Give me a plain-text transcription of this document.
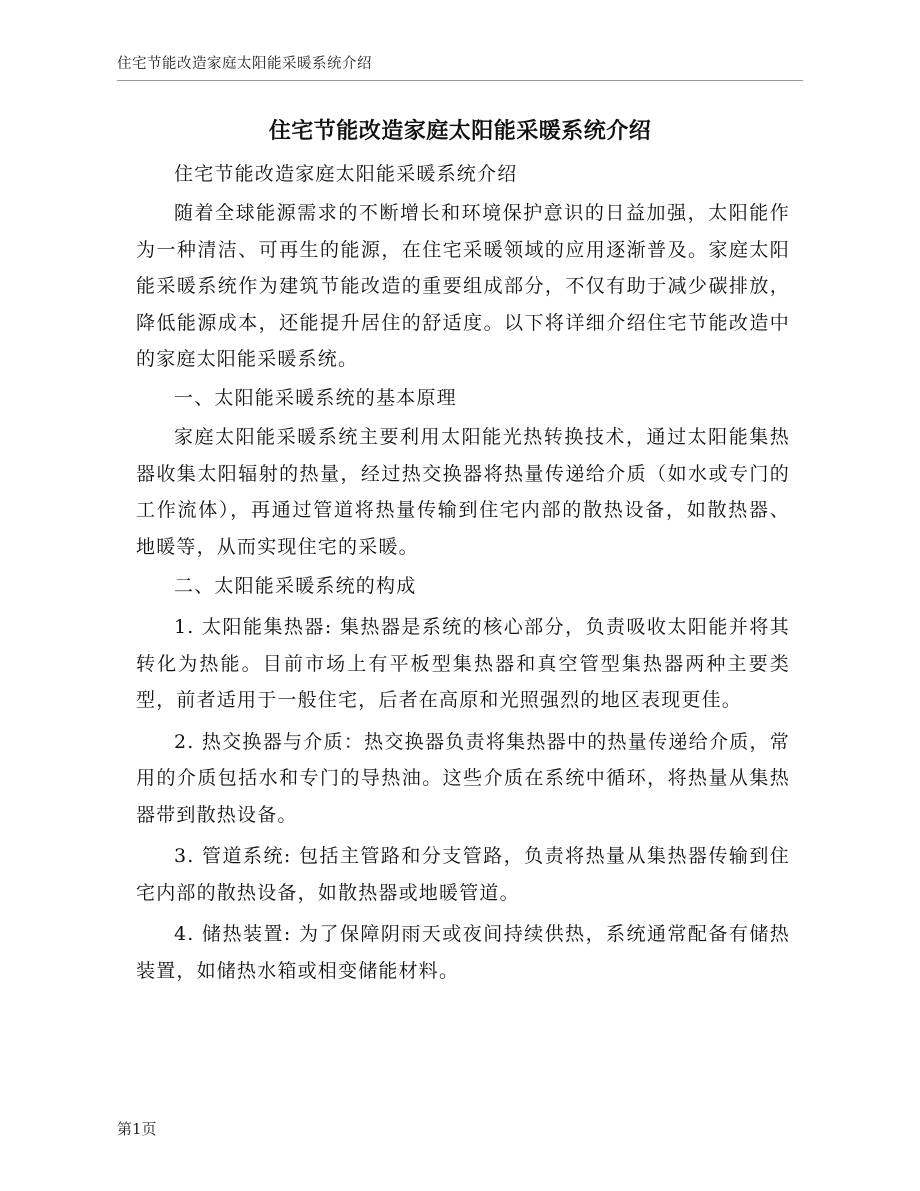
住宅节能改造家庭太阳能采暖系统介绍
住宅节能改造家庭太阳能采暖系统介绍

住宅节能改造家庭太阳能采暖系统介绍

随着全球能源需求的不断增长和环境保护意识的日益加强，太阳能作为一种清洁、可再生的能源，在住宅采暖领域的应用逐渐普及。家庭太阳能采暖系统作为建筑节能改造的重要组成部分，不仅有助于减少碳排放，降低能源成本，还能提升居住的舒适度。以下将详细介绍住宅节能改造中的家庭太阳能采暖系统。

一、太阳能采暖系统的基本原理

家庭太阳能采暖系统主要利用太阳能光热转换技术，通过太阳能集热器收集太阳辐射的热量，经过热交换器将热量传递给介质（如水或专门的工作流体），再通过管道将热量传输到住宅内部的散热设备，如散热器、地暖等，从而实现住宅的采暖。

二、太阳能采暖系统的构成

1. 太阳能集热器: 集热器是系统的核心部分，负责吸收太阳能并将其转化为热能。目前市场上有平板型集热器和真空管型集热器两种主要类型，前者适用于一般住宅，后者在高原和光照强烈的地区表现更佳。

2. 热交换器与介质：热交换器负责将集热器中的热量传递给介质，常用的介质包括水和专门的导热油。这些介质在系统中循环，将热量从集热器带到散热设备。

3. 管道系统: 包括主管路和分支管路，负责将热量从集热器传输到住宅内部的散热设备，如散热器或地暖管道。

4. 储热装置: 为了保障阴雨天或夜间持续供热，系统通常配备有储热装置，如储热水箱或相变储能材料。

第1页
